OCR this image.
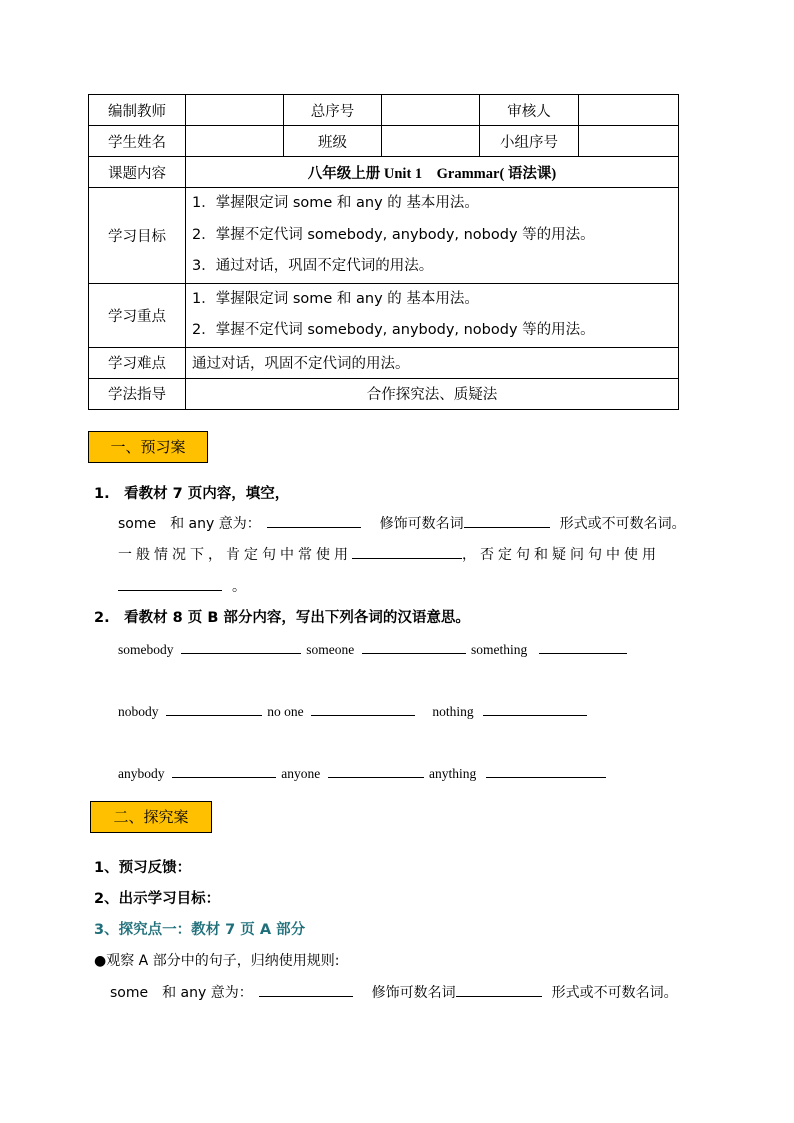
编制教师		总序号		审核人	
学生姓名		班级		小组序号	
课题内容	八年级上册 Unit 1　Grammar( 语法课)				
学习目标	1．掌握限定词 some 和 any 的 基本用法。
2．掌握不定代词 somebody, anybody, nobody 等的用法。
3．通过对话，巩固不定代词的用法。				

学习重点	1．掌握限定词 some 和 any 的 基本用法。
2．掌握不定代词 somebody, anybody, nobody 等的用法。				

学习难点	通过对话，巩固不定代词的用法。				
学法指导	合作探究法、质疑法				
一、预习案
1.　看教材 7 页内容，填空，
some　和 any 意为：	修饰可数名词	形式或不可数名词。
一般情况下，肯定句中常使用	，否定句和疑问句中使用
。
2.　看教材 8 页 B 部分内容，写出下列各词的汉语意思。
somebody	someone	something
nobody	no one	nothing
anybody	anyone	anything
二、探究案
1、预习反馈：
2、出示学习目标：
3、探究点一：教材 7 页 A 部分
●观察 A 部分中的句子，归纳使用规则:
some　和 any 意为：	修饰可数名词	形式或不可数名词。
